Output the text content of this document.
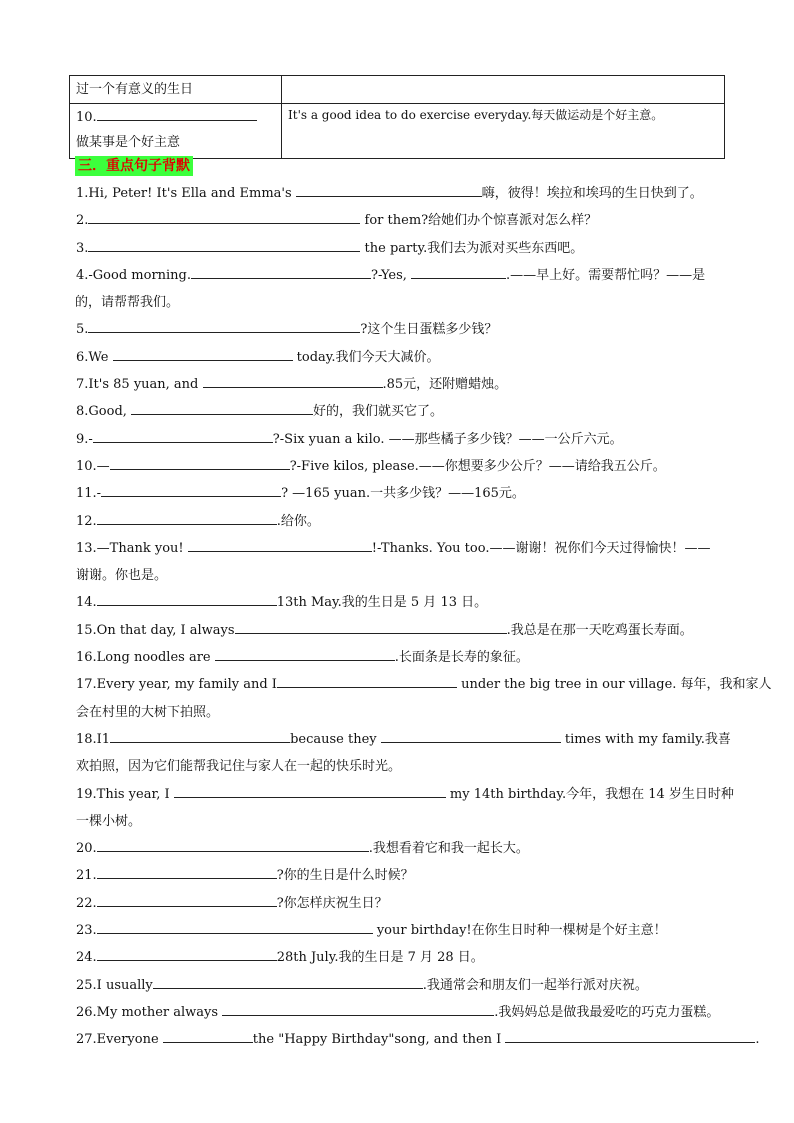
过一个有意义的生日	

10.
做某事是个好主意	It's a good idea to do exercise everyday.每天做运动是个好主意。
三．重点句子背默
1.Hi, Peter! It's Ella and Emma's	嗨，彼得！埃拉和埃玛的生日快到了。
2.	for them?给她们办个惊喜派对怎么样？
3.	the party.我们去为派对买些东西吧。
4.-Good morning.	?-Yes,	.——早上好。需要帮忙吗？——是
的，请帮帮我们。
5.	?这个生日蛋糕多少钱？
6.We	today.我们今天大减价。
7.It's 85 yuan, and	.85元，还附赠蜡烛。
8.Good,	好的，我们就买它了。
9.-	?-Six yuan a kilo. ——那些橘子多少钱？——一公斤六元。
10.—	?-Five kilos, please.——你想要多少公斤？——请给我五公斤。
11.-	? —165 yuan.一共多少钱？——165元。
12.	.给你。
13.—Thank you!	!-Thanks. You too.——谢谢！祝你们今天过得愉快！——
谢谢。你也是。
14.	13th May.我的生日是 5 月 13 日。
15.On that day, I always	.我总是在那一天吃鸡蛋长寿面。
16.Long noodles are	.长面条是长寿的象征。
17.Every year, my family and I	under the big tree in our village. 每年，我和家人
会在村里的大树下拍照。
18.I1	because they	times with my family.我喜
欢拍照，因为它们能帮我记住与家人在一起的快乐时光。
19.This year, I	my 14th birthday.今年，我想在 14 岁生日时种
一棵小树。
20.	.我想看着它和我一起长大。
21.	?你的生日是什么时候？
22.	?你怎样庆祝生日？
23.	your birthday!在你生日时种一棵树是个好主意！
24.	28th July.我的生日是 7 月 28 日。
25.I usually	.我通常会和朋友们一起举行派对庆祝。
26.My mother always	.我妈妈总是做我最爱吃的巧克力蛋糕。
27.Everyone	the "Happy Birthday"song, and then I	.
